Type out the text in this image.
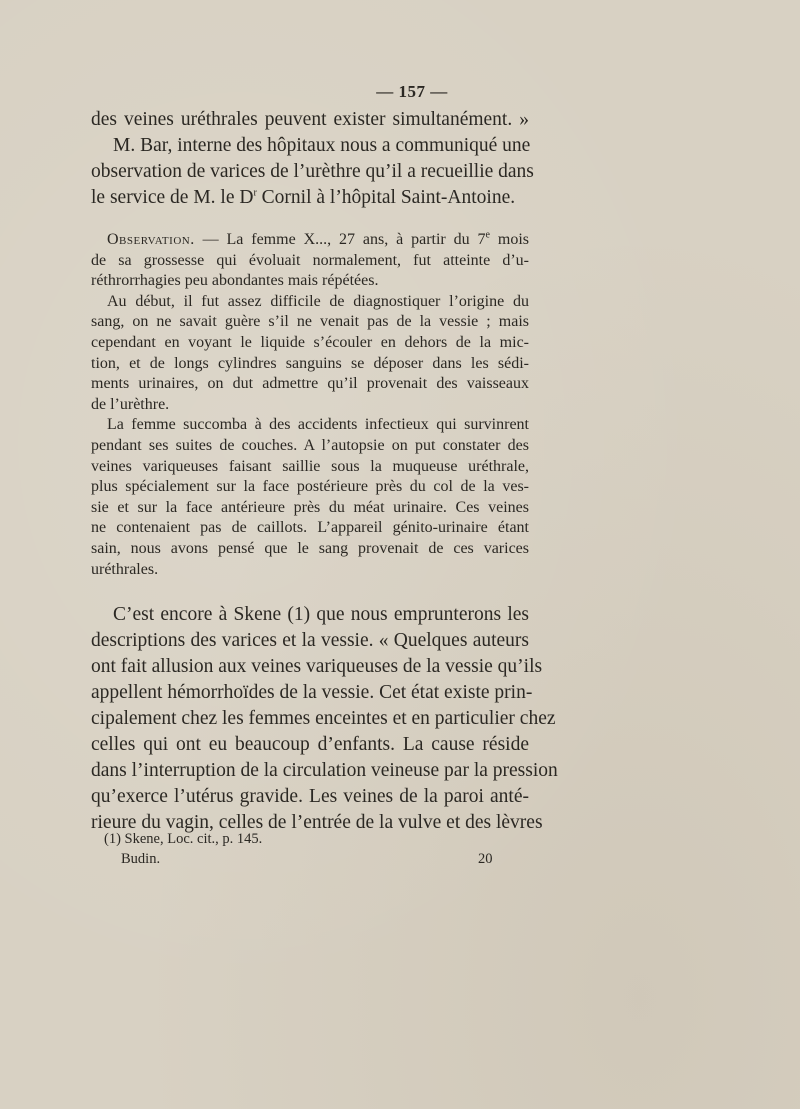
— 157 —
des veines uréthrales peuvent exister simultanément. »
M. Bar, interne des hôpitaux nous a communiqué une
observation de varices de l’urèthre qu’il a recueillie dans
le service de M. le $D^r$ Cornil à l’hôpital Saint-Antoine.
Observation. — La femme X..., 27 ans, à partir du 7e mois
de sa grossesse qui évoluait normalement, fut atteinte d’u-
réthrorrhagies peu abondantes mais répétées.
Au début, il fut assez difficile de diagnostiquer l’origine du
sang, on ne savait guère s’il ne venait pas de la vessie ; mais
cependant en voyant le liquide s’écouler en dehors de la mic-
tion, et de longs cylindres sanguins se déposer dans les sédi-
ments urinaires, on dut admettre qu’il provenait des vaisseaux
de l’urèthre.
La femme succomba à des accidents infectieux qui survinrent
pendant ses suites de couches. A l’autopsie on put constater des
veines variqueuses faisant saillie sous la muqueuse uréthrale,
plus spécialement sur la face postérieure près du col de la ves-
sie et sur la face antérieure près du méat urinaire. Ces veines
ne contenaient pas de caillots. L’appareil génito-urinaire étant
sain, nous avons pensé que le sang provenait de ces varices
uréthrales.
C’est encore à Skene (1) que nous emprunterons les
descriptions des varices et la vessie. « Quelques auteurs
ont fait allusion aux veines variqueuses de la vessie qu’ils
appellent hémorrhoïdes de la vessie. Cet état existe prin-
cipalement chez les femmes enceintes et en particulier chez
celles qui ont eu beaucoup d’enfants. La cause réside
dans l’interruption de la circulation veineuse par la pression
qu’exerce l’utérus gravide. Les veines de la paroi anté-
rieure du vagin, celles de l’entrée de la vulve et des lèvres
(1) Skene, Loc. cit., p. 145.
Budin.	20
